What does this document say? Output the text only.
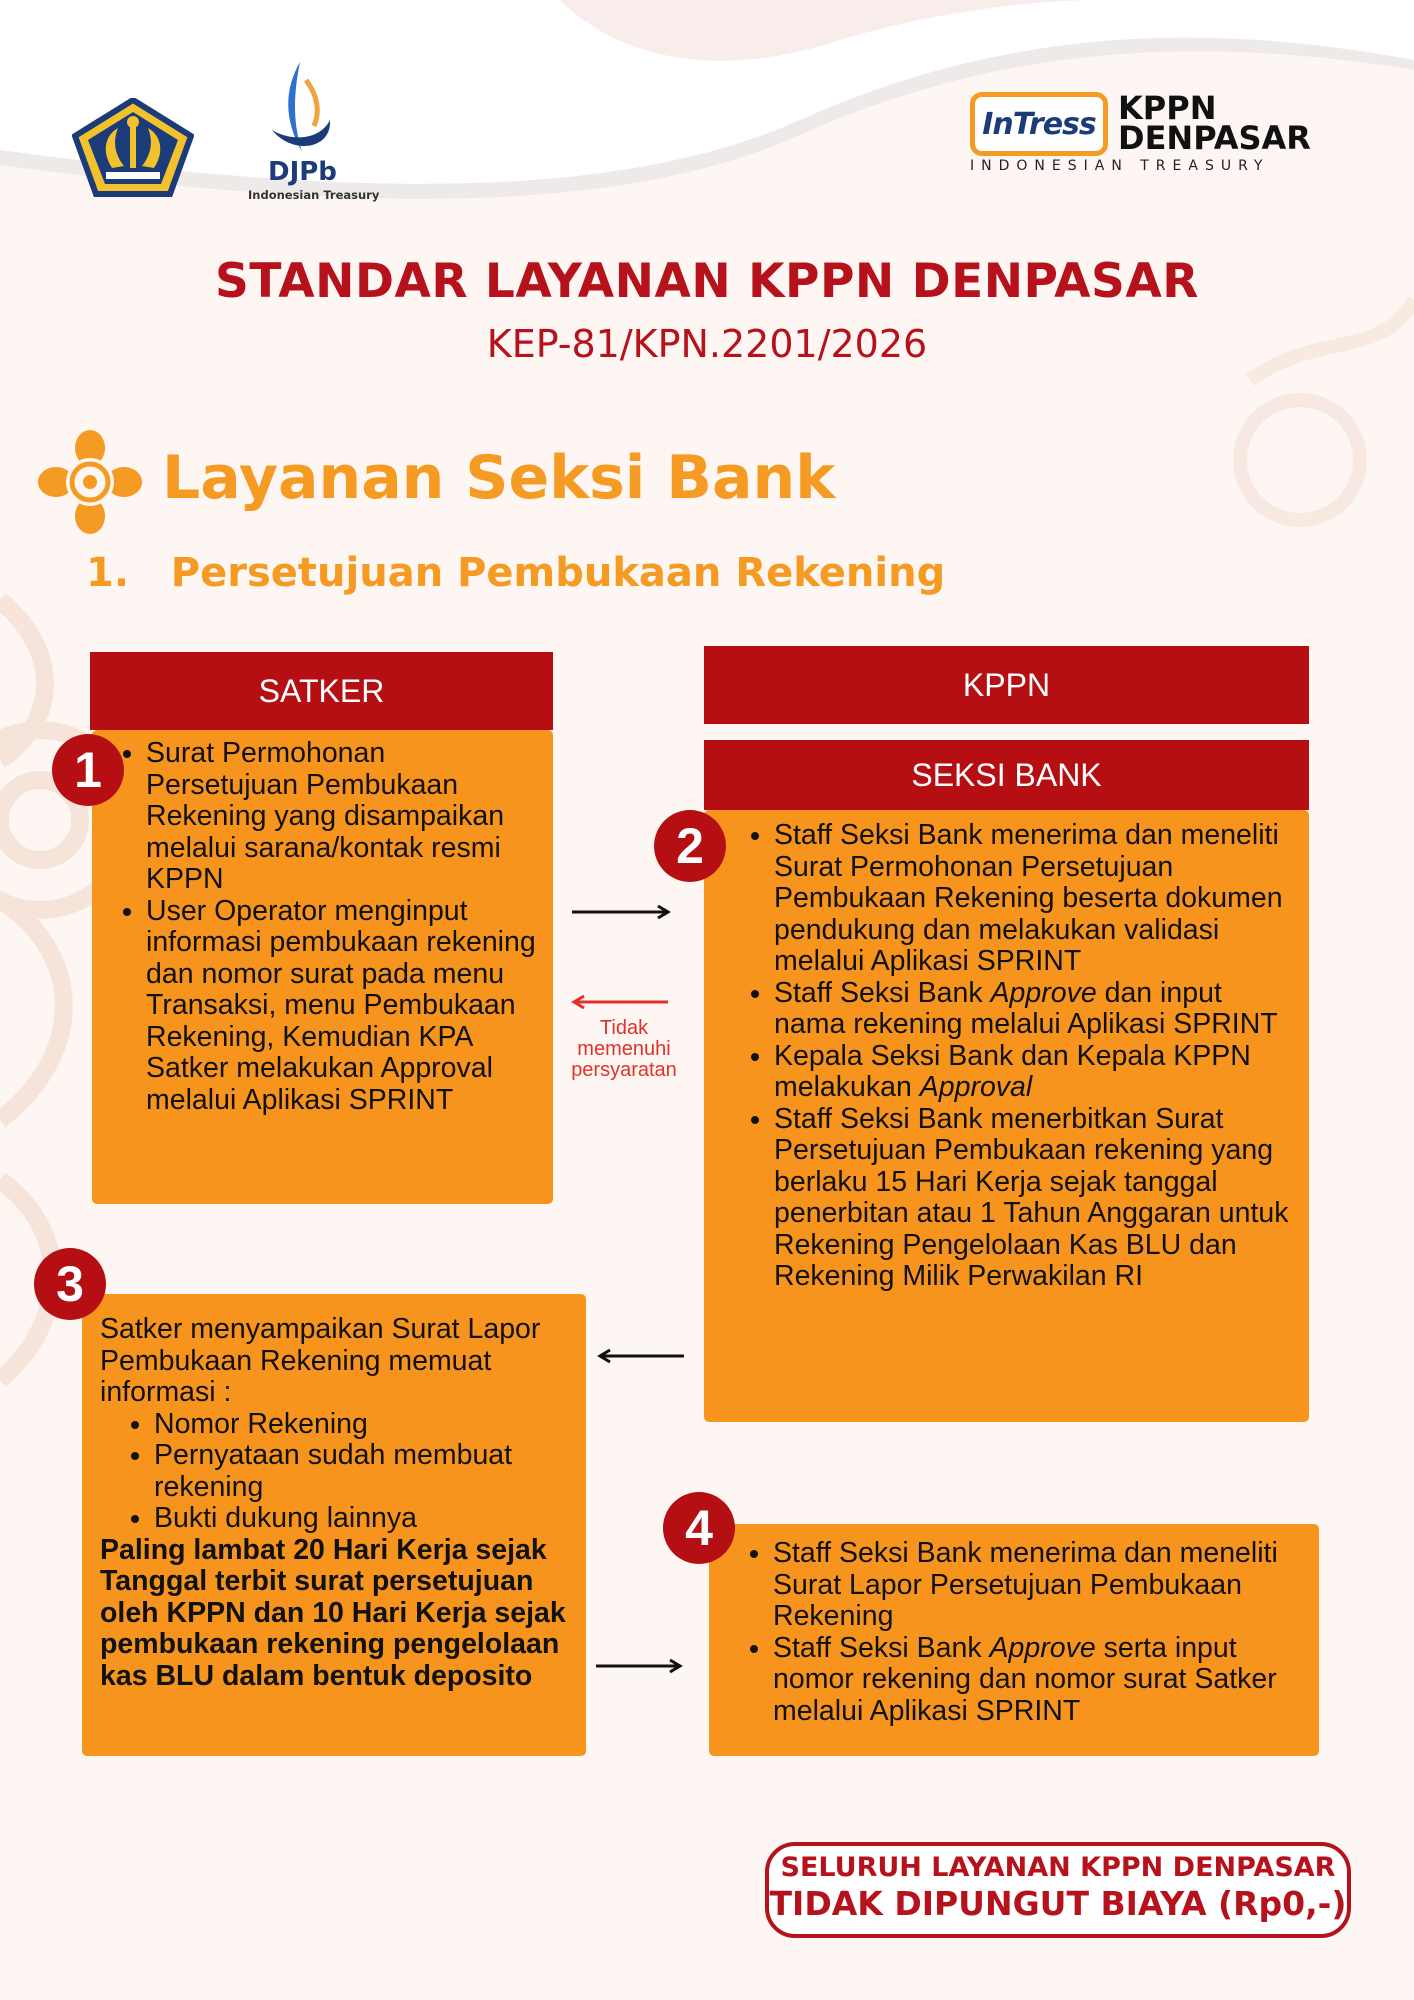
DJPb
Indonesian Treasury
InTress KPPN
DENPASAR
INDONESIAN TREASURY
STANDAR LAYANAN KPPN DENPASAR
KEP-81/KPN.2201/2026
Layanan Seksi Bank
1.   Persetujuan Pembukaan Rekening
SATKER	KPPN
SEKSI BANK
• Surat Permohonan Persetujuan Pembukaan Rekening yang disampaikan melalui sarana/kontak resmi KPPN
• User Operator menginput informasi pembukaan rekening dan nomor surat pada menu Transaksi, menu Pembukaan Rekening, Kemudian KPA Satker melakukan Approval melalui Aplikasi SPRINT
1
• Staff Seksi Bank menerima dan meneliti Surat Permohonan Persetujuan Pembukaan Rekening beserta dokumen pendukung dan melakukan validasi melalui Aplikasi SPRINT
• Staff Seksi Bank Approve dan input nama rekening melalui Aplikasi SPRINT
• Kepala Seksi Bank dan Kepala KPPN melakukan Approval
• Staff Seksi Bank menerbitkan Surat Persetujuan Pembukaan rekening yang berlaku 15 Hari Kerja sejak tanggal penerbitan atau 1 Tahun Anggaran untuk Rekening Pengelolaan Kas BLU dan Rekening Milik Perwakilan RI
2
Satker menyampaikan Surat Lapor Pembukaan Rekening memuat informasi :
• Nomor Rekening
• Pernyataan sudah membuat rekening
• Bukti dukung lainnya
Paling lambat 20 Hari Kerja sejak Tanggal terbit surat persetujuan oleh KPPN dan 10 Hari Kerja sejak pembukaan rekening pengelolaan kas BLU dalam bentuk deposito
3
• Staff Seksi Bank menerima dan meneliti Surat Lapor Persetujuan Pembukaan Rekening
• Staff Seksi Bank Approve serta input nomor rekening dan nomor surat Satker melalui Aplikasi SPRINT
4
Tidak memenuhi persyaratan
SELURUH LAYANAN KPPN DENPASAR
TIDAK DIPUNGUT BIAYA (Rp0,-)
